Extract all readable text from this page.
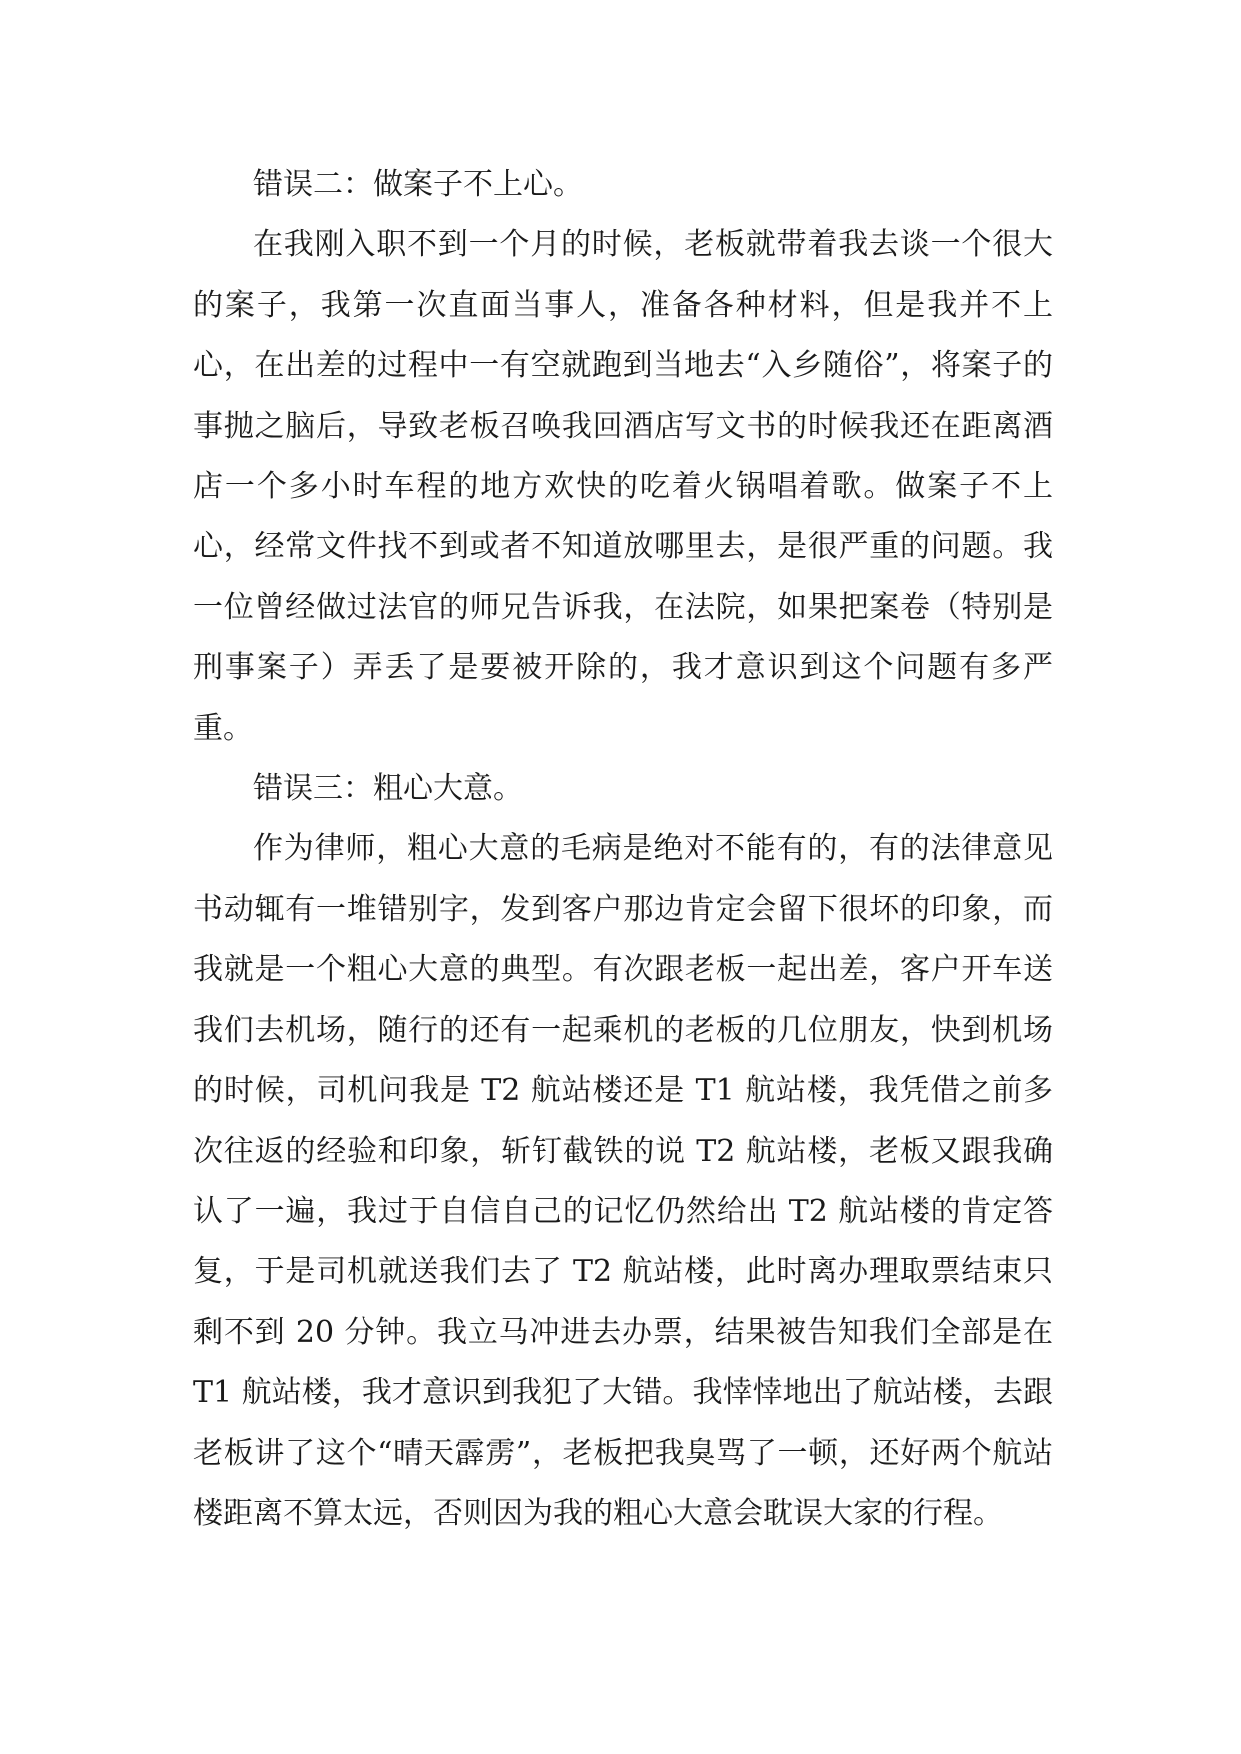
错误二：做案子不上心。

在我刚入职不到一个月的时候，老板就带着我去谈一个很大的案子，我第一次直面当事人，准备各种材料，但是我并不上心，在出差的过程中一有空就跑到当地去“入乡随俗”，将案子的事抛之脑后，导致老板召唤我回酒店写文书的时候我还在距离酒店一个多小时车程的地方欢快的吃着火锅唱着歌。做案子不上心，经常文件找不到或者不知道放哪里去，是很严重的问题。我一位曾经做过法官的师兄告诉我，在法院，如果把案卷（特别是刑事案子）弄丢了是要被开除的，我才意识到这个问题有多严重。

错误三：粗心大意。

作为律师，粗心大意的毛病是绝对不能有的，有的法律意见书动辄有一堆错别字，发到客户那边肯定会留下很坏的印象，而我就是一个粗心大意的典型。有次跟老板一起出差，客户开车送我们去机场，随行的还有一起乘机的老板的几位朋友，快到机场的时候，司机问我是 T2 航站楼还是 T1 航站楼，我凭借之前多次往返的经验和印象，斩钉截铁的说 T2 航站楼，老板又跟我确认了一遍，我过于自信自己的记忆仍然给出 T2 航站楼的肯定答复，于是司机就送我们去了 T2 航站楼，此时离办理取票结束只剩不到 20 分钟。我立马冲进去办票，结果被告知我们全部是在 T1 航站楼，我才意识到我犯了大错。我悻悻地出了航站楼，去跟老板讲了这个“晴天霹雳”，老板把我臭骂了一顿，还好两个航站楼距离不算太远，否则因为我的粗心大意会耽误大家的行程。
